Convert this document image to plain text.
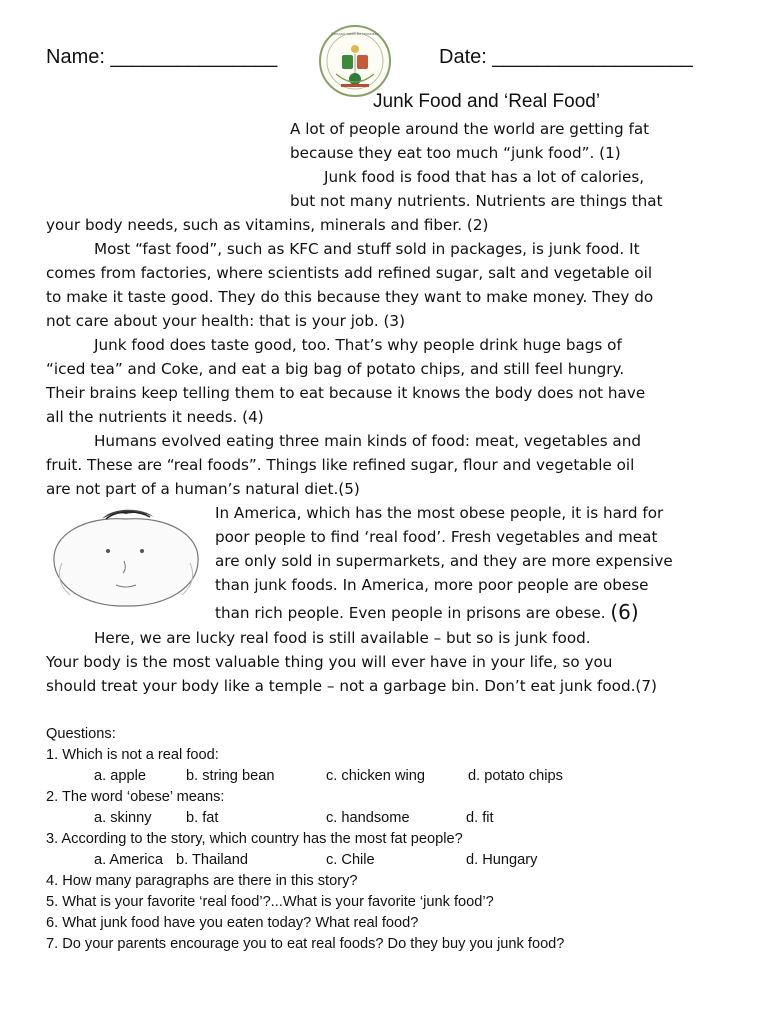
Name: _______________	Date: __________________
Бандан адаб ба мукамал
Junk Food and ‘Real Food’
A lot of people around the world are getting fat
because they eat too much “junk food”. (1)
Junk food is food that has a lot of calories,
but not many nutrients. Nutrients are things that
your body needs, such as vitamins, minerals and fiber. (2)
Most “fast food”, such as KFC and stuff sold in packages, is junk food. It
comes from factories, where scientists add refined sugar, salt and vegetable oil
to make it taste good. They do this because they want to make money. They do
not care about your health: that is your job. (3)
Junk food does taste good, too. That’s why people drink huge bags of
“iced tea” and Coke, and eat a big bag of potato chips, and still feel hungry.
Their brains keep telling them to eat because it knows the body does not have
all the nutrients it needs. (4)
Humans evolved eating three main kinds of food: meat, vegetables and
fruit. These are “real foods”. Things like refined sugar, flour and vegetable oil
are not part of a human’s natural diet.(5)
In America, which has the most obese people, it is hard for
poor people to find ‘real food’. Fresh vegetables and meat
are only sold in supermarkets, and they are more expensive
than junk foods. In America, more poor people are obese
than rich people. Even people in prisons are obese. (6)
Here, we are lucky real food is still available – but so is junk food.
Your body is the most valuable thing you will ever have in your life, so you
should treat your body like a temple – not a garbage bin. Don’t eat junk food.(7)
Questions:
1. Which is not a real food:
a. apple	b. string bean	c. chicken wing	d. potato chips
2. The word ‘obese’ means:
a. skinny b. fat	c. handsome	d. fit
3. According to the story, which country has the most fat people?
a. America b. Thailand	c. Chile	d. Hungary
4. How many paragraphs are there in this story?
5. What is your favorite ‘real food’?...What is your favorite ‘junk food’?
6. What junk food have you eaten today? What real food?
7. Do your parents encourage you to eat real foods? Do they buy you junk food?
